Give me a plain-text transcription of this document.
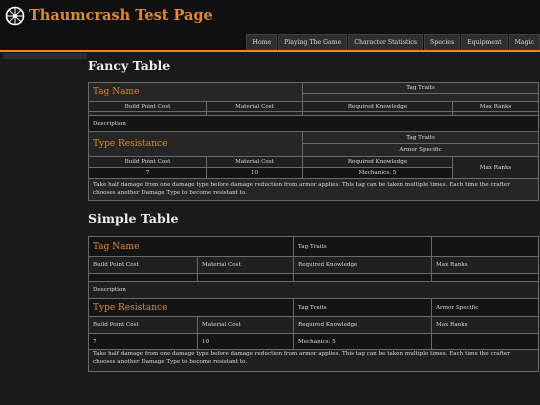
Thaumcrash Test Page
Home	Playing The Game	Character Statistics	Species	Equipment	Magic
Fancy Table
Tag Name		Tag Traits	

Build Point Cost	Material Cost	Required Knowledge	Max Ranks

Description			
Type Resistance		Tag Traits	
		Armor Specific	
Build Point Cost	Material Cost	Required Knowledge	Max Ranks
7	10	Mechanics: 5	
Take half damage from one damage type before damage reduction from armor applies. This tag can be taken multiple times. Each time the crafter chooses another Damage Type to become resistant to.			
Simple Table
Tag Name		Tag Traits	
Build Point Cost	Material Cost	Required Knowledge	Max Ranks

Description			
Type Resistance		Tag Traits	Armor Specific
Build Point Cost	Material Cost	Required Knowledge	Max Ranks
7	10	Mechanics: 5	
Take half damage from one damage type before damage reduction from armor applies. This tag can be taken multiple times. Each time the crafter chooses another Damage Type to become resistant to.			
